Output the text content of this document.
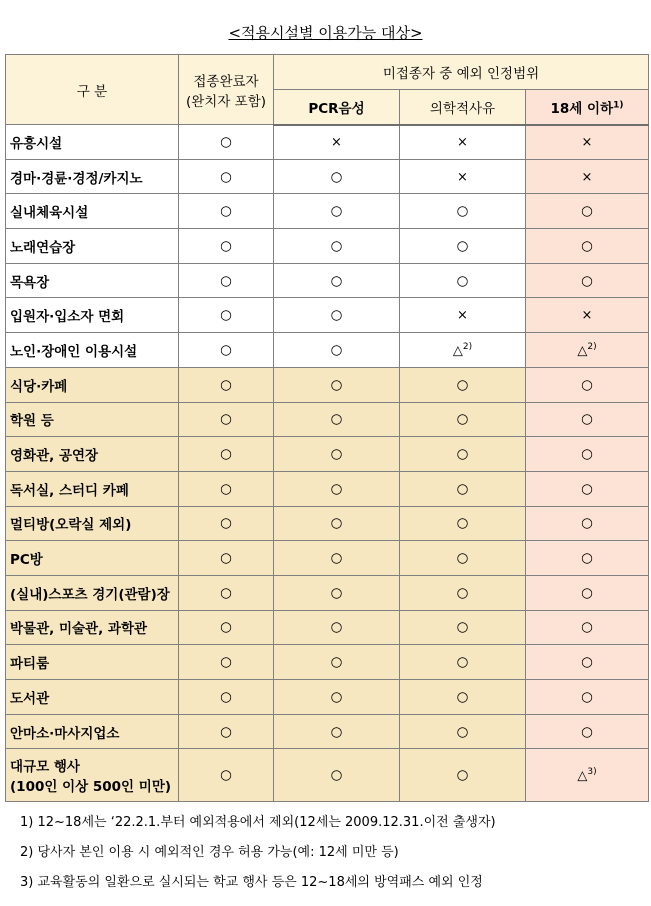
<적용시설별 이용가능 대상>
구 분	접종완료자
(완치자 포함)	미접종자 중 예외 인정범위		
		PCR음성	의학적사유	18세 이하$^{1)}$

유흥시설	○	×	×	×

경마·경륜·경정/카지노	○	○	×	×

실내체육시설	○	○	○	○

노래연습장	○	○	○	○

목욕장	○	○	○	○

입원자·입소자 면회	○	○	×	×

노인·장애인 이용시설	○	○	△$^{2)}$	△$^{2)}$

식당·카페	○	○	○	○

학원 등	○	○	○	○

영화관, 공연장	○	○	○	○

독서실, 스터디 카페	○	○	○	○

멀티방(오락실 제외)	○	○	○	○

PC방	○	○	○	○

(실내)스포츠 경기(관람)장	○	○	○	○

박물관, 미술관, 과학관	○	○	○	○

파티룸	○	○	○	○

도서관	○	○	○	○

안마소·마사지업소	○	○	○	○

대규모 행사
(100인 이상 500인 미만)	○	○	○	△$^{3)}$
1) 12~18세는 ‘22.2.1.부터 예외적용에서 제외(12세는 2009.12.31.이전 출생자)
2) 당사자 본인 이용 시 예외적인 경우 허용 가능(예: 12세 미만 등)
3) 교육활동의 일환으로 실시되는 학교 행사 등은 12~18세의 방역패스 예외 인정
